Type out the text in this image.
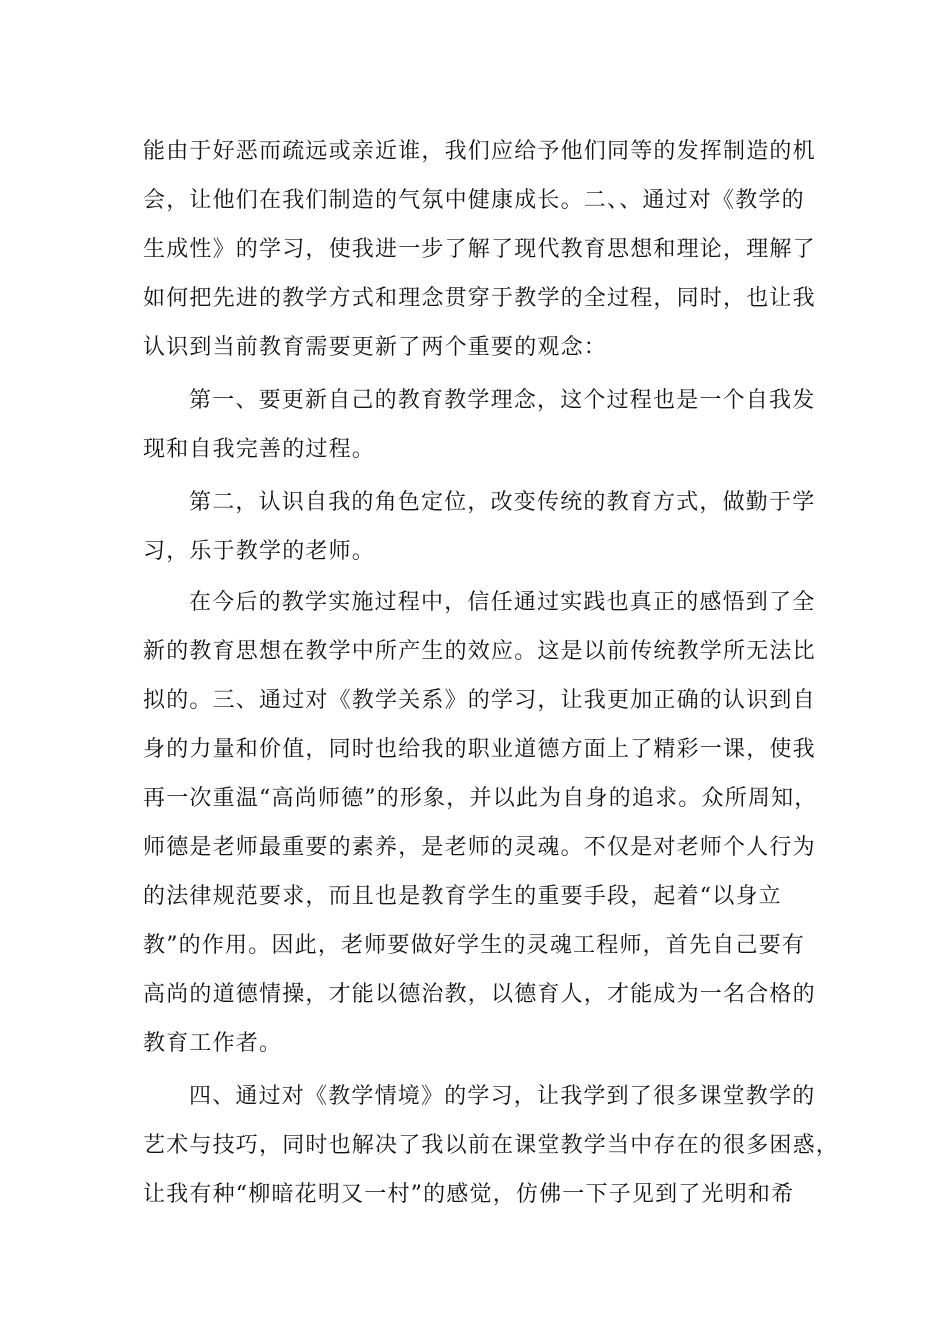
能由于好恶而疏远或亲近谁，我们应给予他们同等的发挥制造的机
会，让他们在我们制造的气氛中健康成长。二、、通过对《教学的
生成性》的学习，使我进一步了解了现代教育思想和理论，理解了
如何把先进的教学方式和理念贯穿于教学的全过程，同时，也让我
认识到当前教育需要更新了两个重要的观念：
第一、要更新自己的教育教学理念，这个过程也是一个自我发
现和自我完善的过程。
第二，认识自我的角色定位，改变传统的教育方式，做勤于学
习，乐于教学的老师。
在今后的教学实施过程中，信任通过实践也真正的感悟到了全
新的教育思想在教学中所产生的效应。这是以前传统教学所无法比
拟的。三、通过对《教学关系》的学习，让我更加正确的认识到自
身的力量和价值，同时也给我的职业道德方面上了精彩一课，使我
再一次重温“高尚师德”的形象，并以此为自身的追求。众所周知，
师德是老师最重要的素养，是老师的灵魂。不仅是对老师个人行为
的法律规范要求，而且也是教育学生的重要手段，起着“以身立
教”的作用。因此，老师要做好学生的灵魂工程师，首先自己要有
高尚的道德情操，才能以德治教，以德育人，才能成为一名合格的
教育工作者。
四、通过对《教学情境》的学习，让我学到了很多课堂教学的
艺术与技巧，同时也解决了我以前在课堂教学当中存在的很多困惑，
让我有种“柳暗花明又一村”的感觉，仿佛一下子见到了光明和希
